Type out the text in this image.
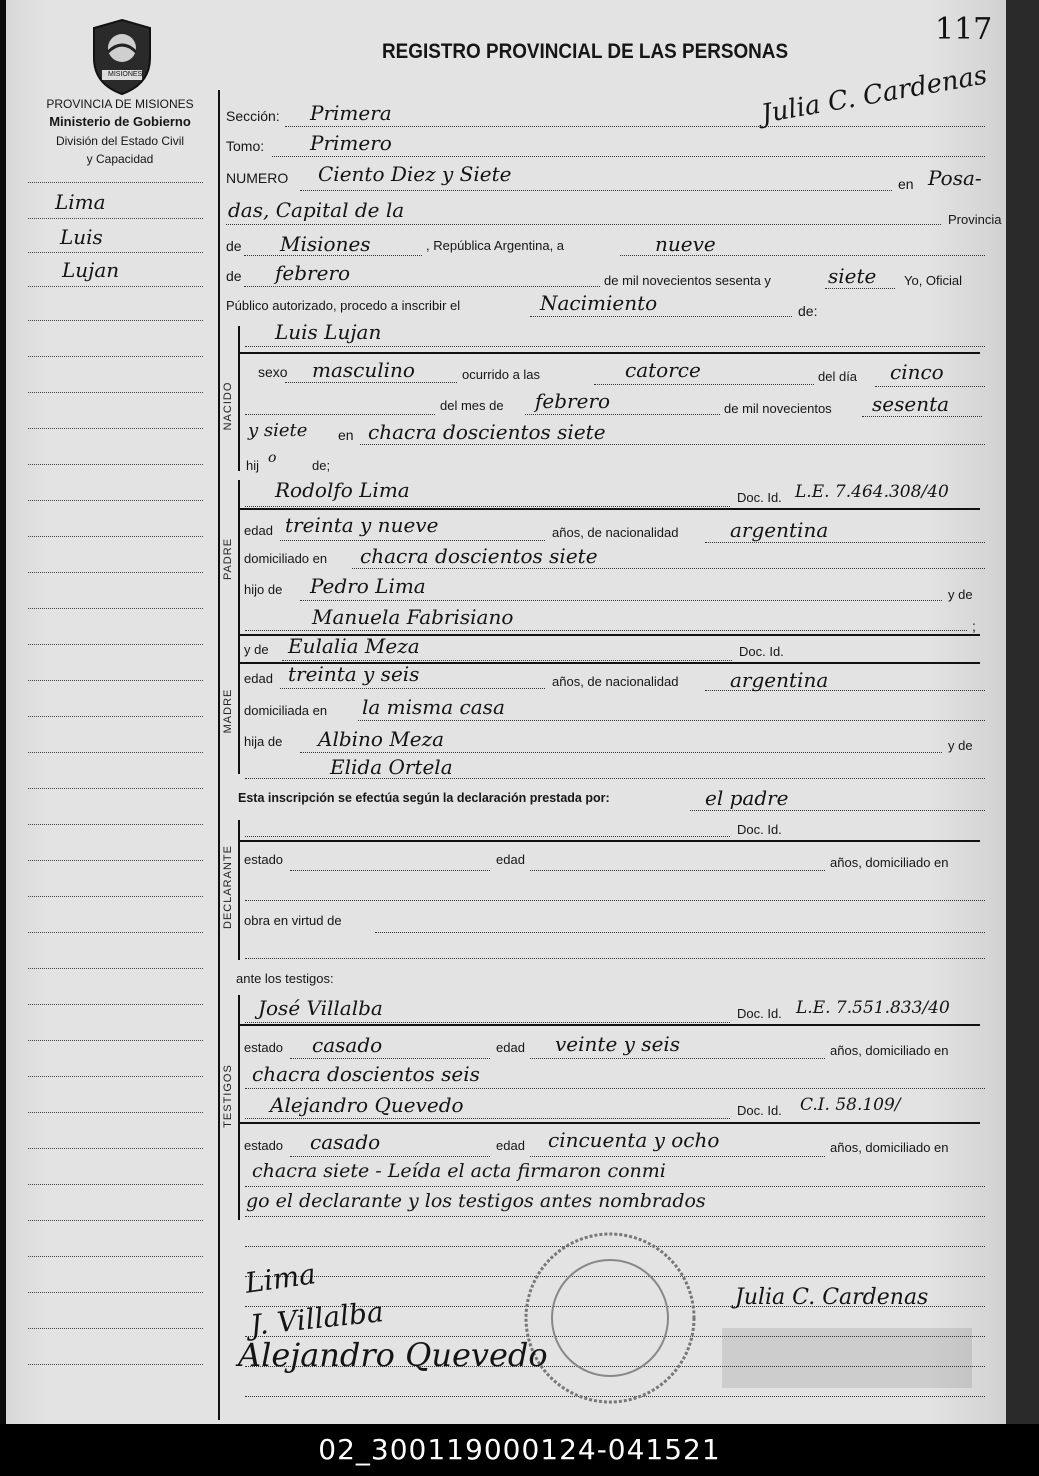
MISIONES
PROVINCIA DE MISIONES
Ministerio de Gobierno
División del Estado Civil
y Capacidad
REGISTRO PROVINCIAL DE LAS PERSONAS
117
Julia C. Cardenas
Lima
Luis
Lujan
Sección: Primera
Tomo: Primero
NUMERO Ciento Diez y Siete	en Posa-
das, Capital de la	Provincia
de Misiones	, República Argentina, a	nueve
de febrero	de mil novecientos sesenta y	siete Yo, Oficial
Público autorizado, procedo a inscribir el	Nacimiento	de:
Luis Lujan
NACIDO
sexo masculino	ocurrido a las	catorce	del día cinco
del mes de febrero	de mil novecientos sesenta
y siete en chacra doscientos siete
hij o	de;
PADRE
Rodolfo Lima	Doc. Id. L.E. 7.464.308/40
edad treinta y nueve	años, de nacionalidad	argentina
domiciliado en chacra doscientos siete
hijo de Pedro Lima	y de
Manuela Fabrisiano	;
MADRE
y de Eulalia Meza	Doc. Id.
edad treinta y seis	años, de nacionalidad	argentina
domiciliada en la misma casa
hija de Albino Meza	y de
Elida Ortela
Esta inscripción se efectúa según la declaración prestada por:	el padre
DECLARANTE
Doc. Id.
estado	edad	años, domiciliado en
obra en virtud de
ante los testigos:
TESTIGOS
José Villalba	Doc. Id. L.E. 7.551.833/40
estado casado	edad veinte y seis	años, domiciliado en
chacra doscientos seis
Alejandro Quevedo	Doc. Id. C.I. 58.109/
estado casado	edad cincuenta y ocho	años, domiciliado en
chacra siete - Leída el acta firmaron conmi
go el declarante y los testigos antes nombrados
Lima
J. Villalba
Alejandro Quevedo
Julia C. Cardenas
02_300119000124-041521
